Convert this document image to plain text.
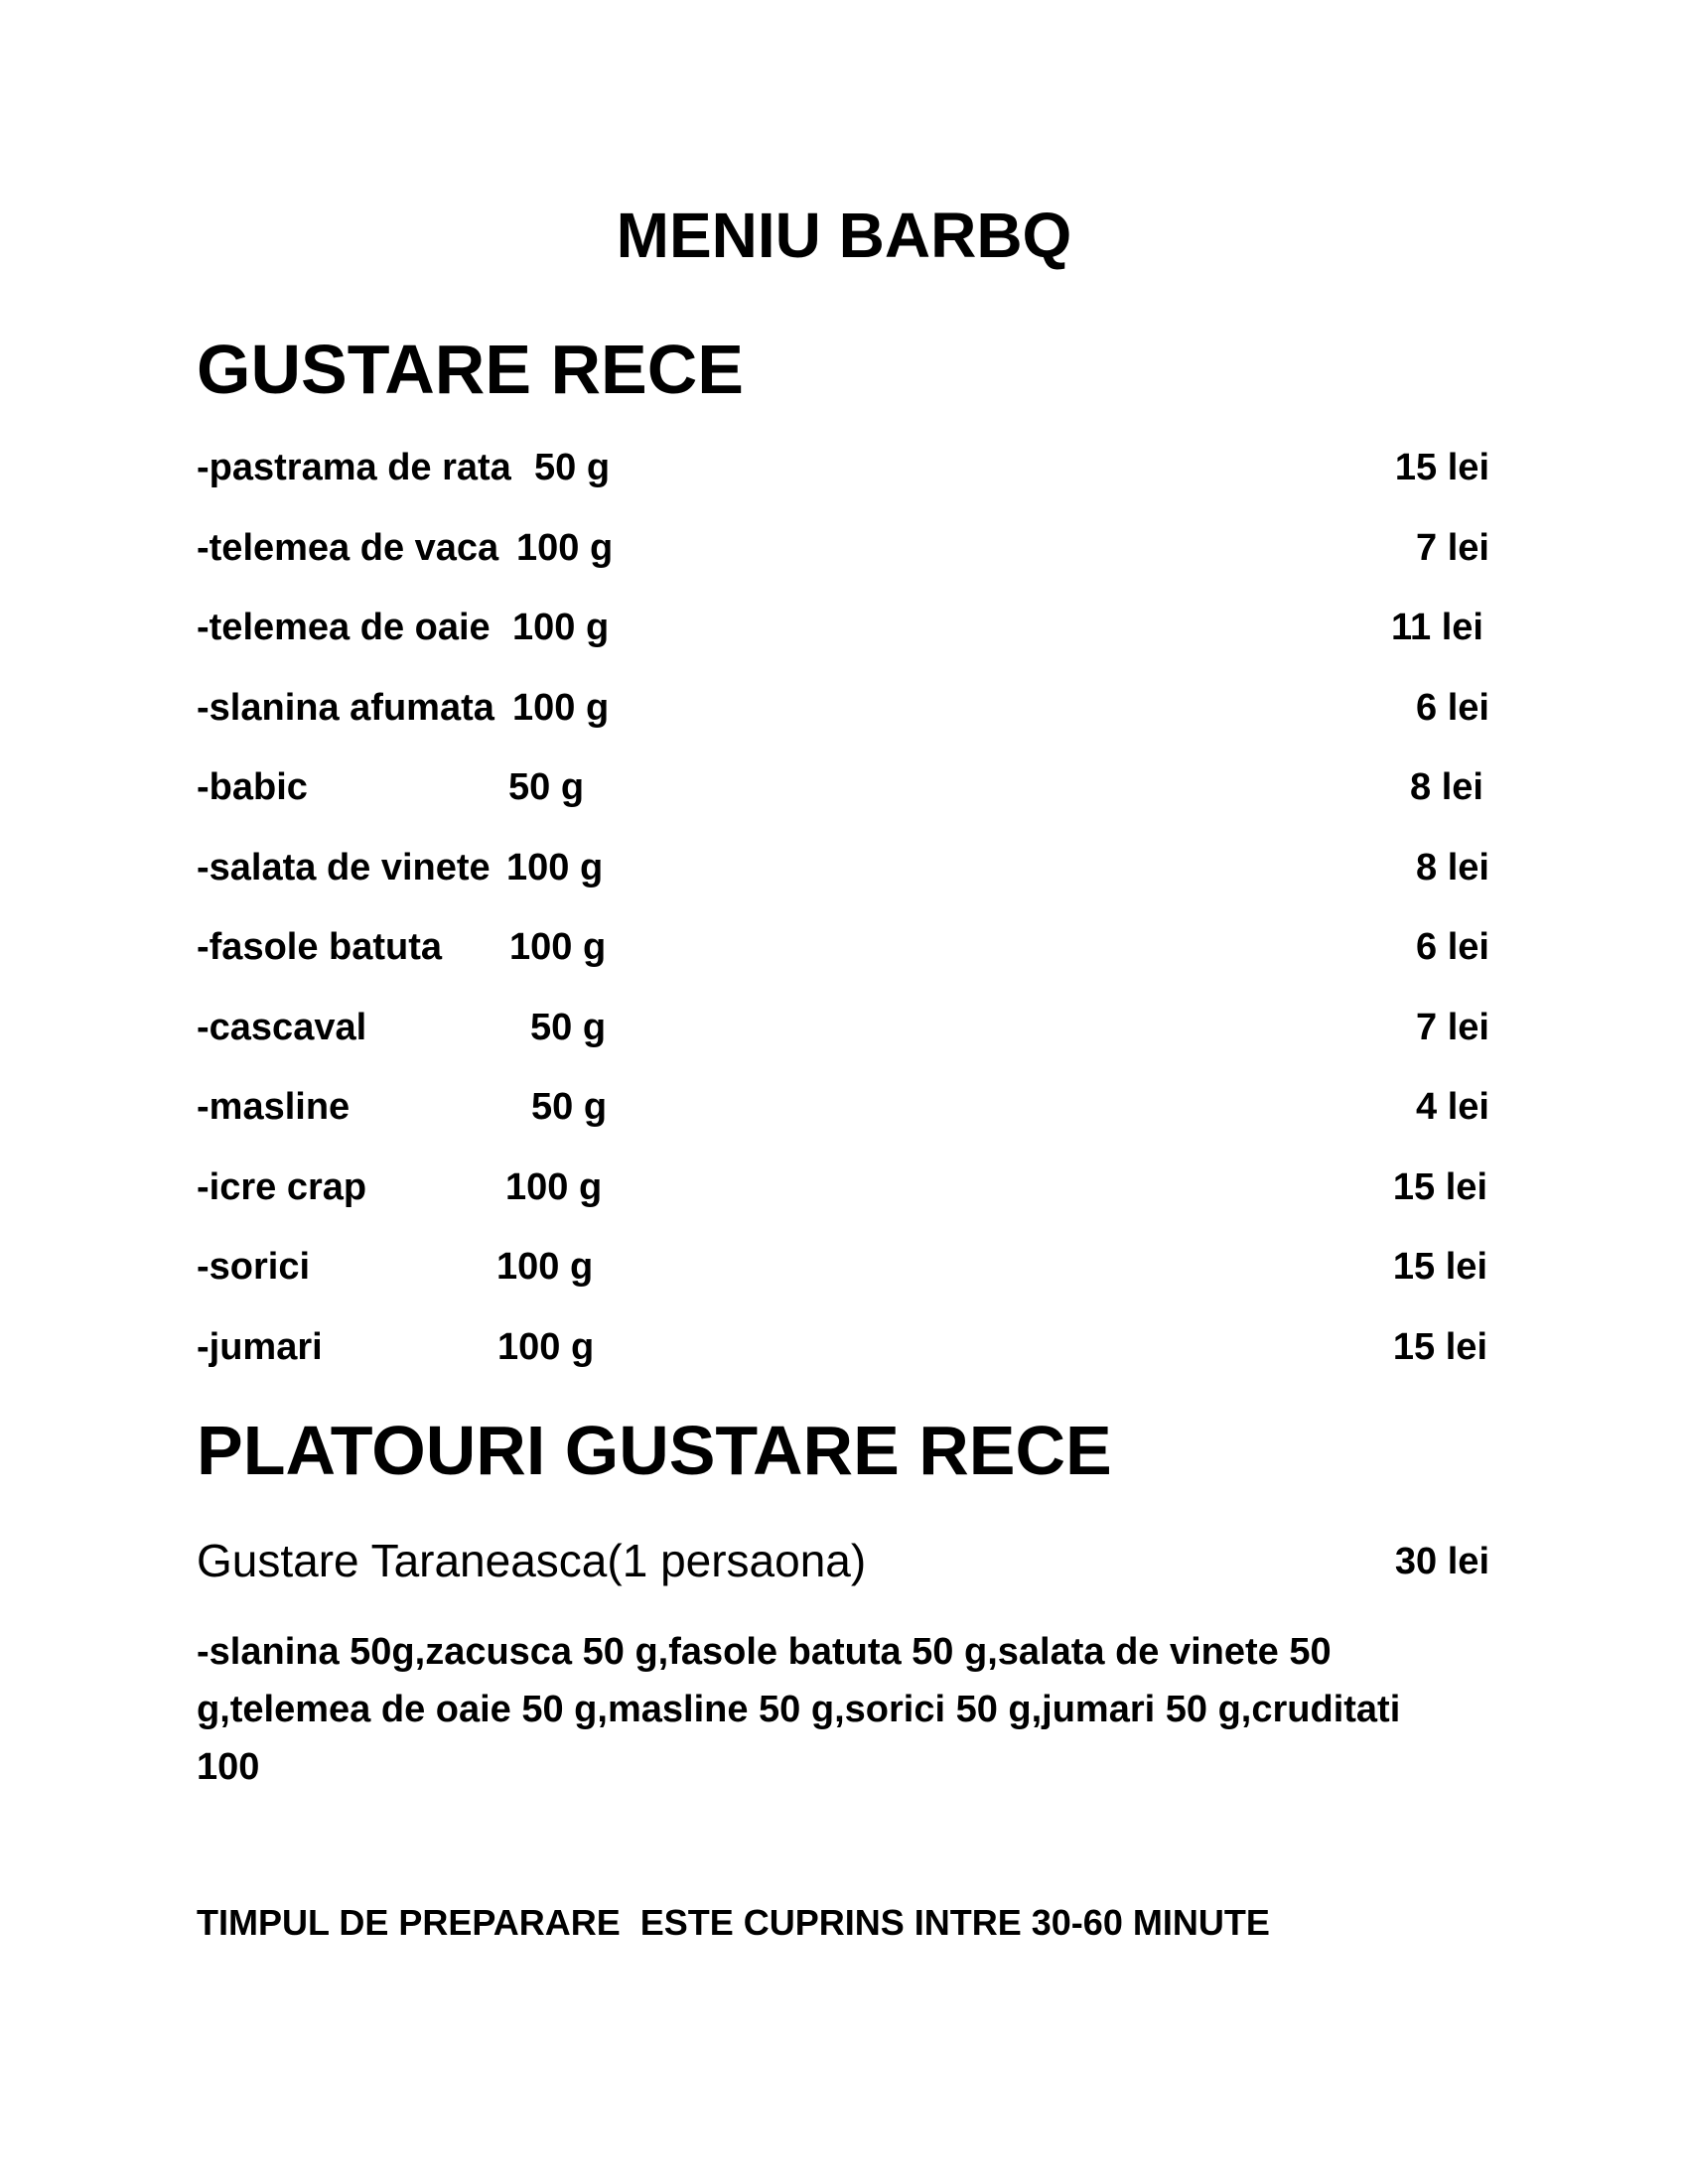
MENIU BARBQ
GUSTARE RECE
-pastrama de rata 50 g	15 lei
-telemea de vaca 100 g	7 lei
-telemea de oaie 100 g	11 lei
-slanina afumata 100 g	6 lei
-babic	50 g	8 lei
-salata de vinete 100 g	8 lei
-fasole batuta 100 g	6 lei
-cascaval	50 g	7 lei
-masline	50 g	4 lei
-icre crap	100 g	15 lei
-sorici	100 g	15 lei
-jumari	100 g	15 lei
PLATOURI GUSTARE RECE
Gustare Taraneasca(1 persaona)	30 lei
-slanina 50g,zacusca 50 g,fasole batuta 50 g,salata de vinete 50 g,telemea de oaie 50 g,masline 50 g,sorici 50 g,jumari 50 g,cruditati 100
TIMPUL DE PREPARARE  ESTE CUPRINS INTRE 30-60 MINUTE
